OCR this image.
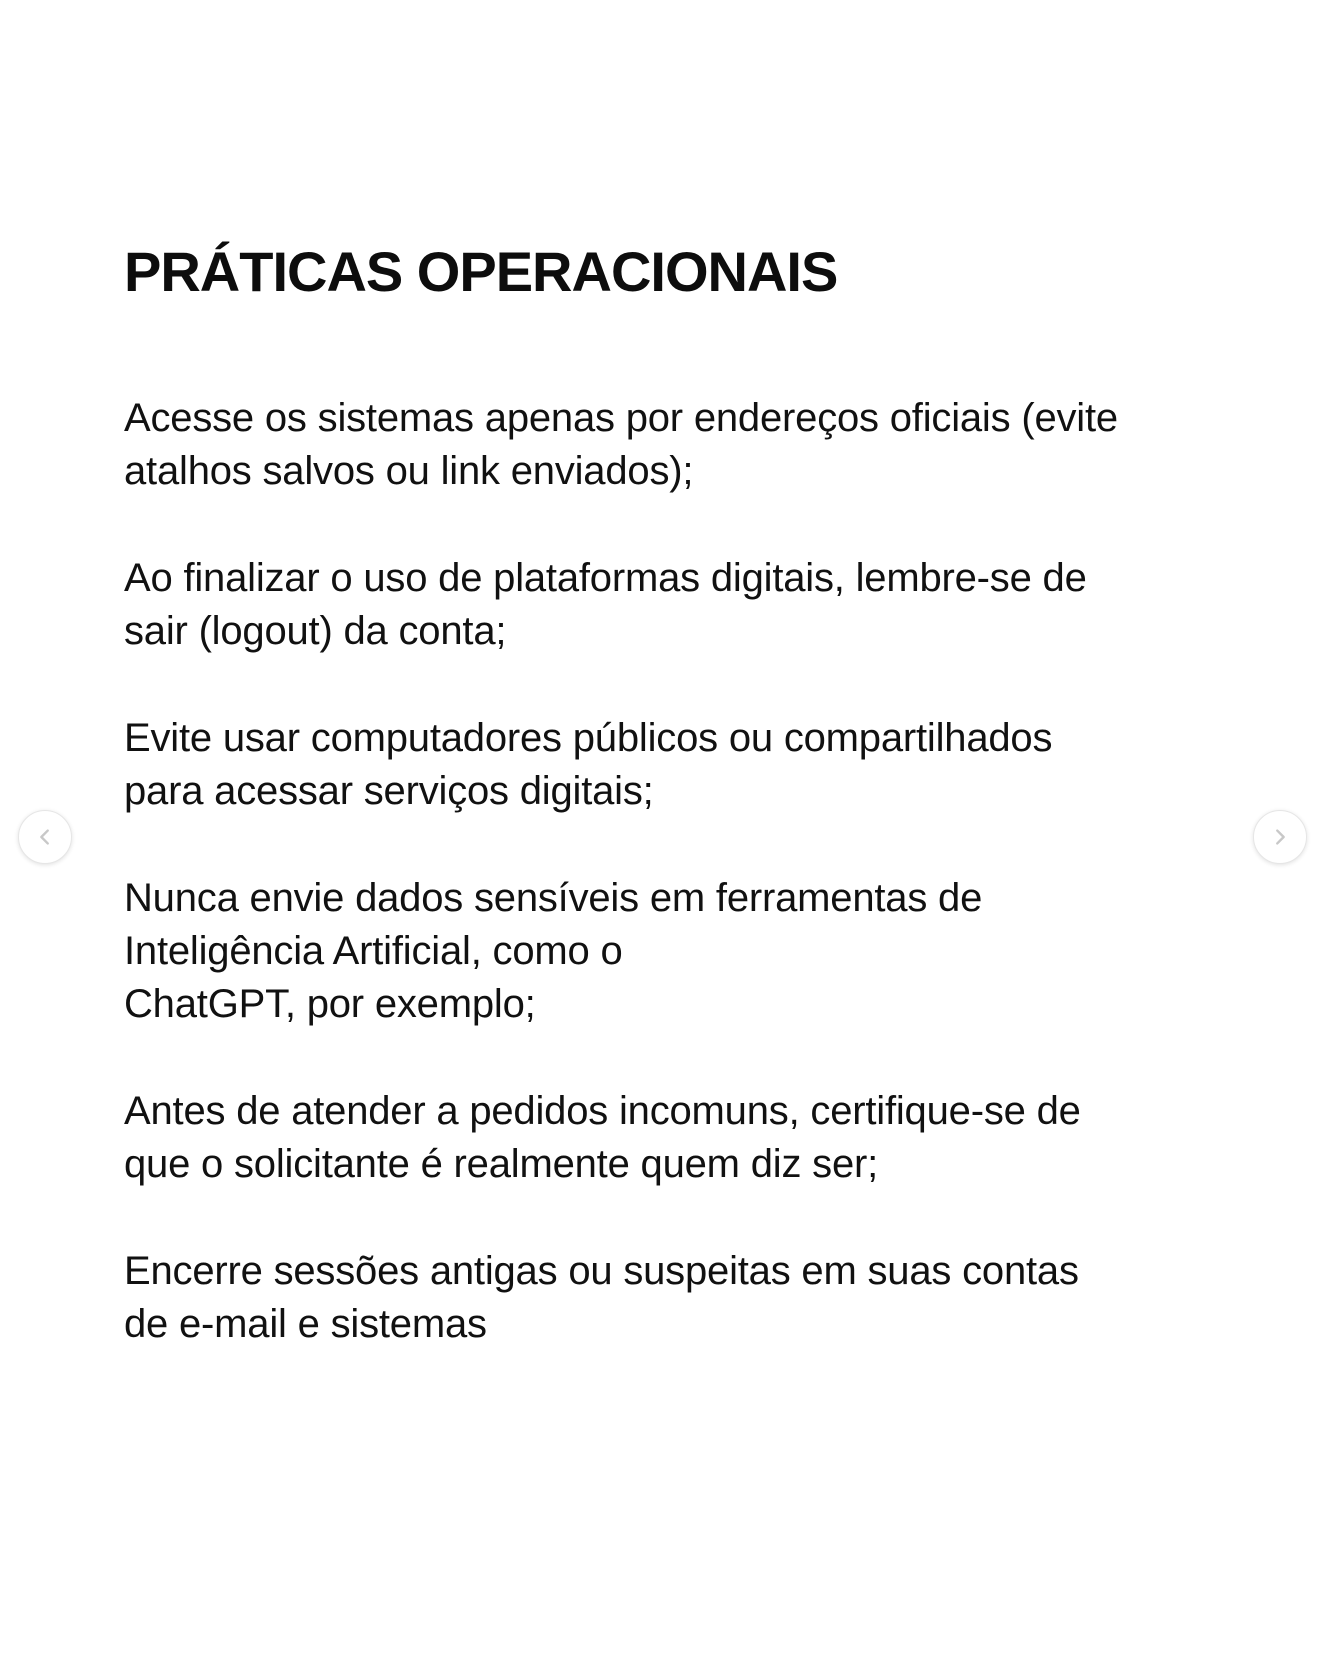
PRÁTICAS OPERACIONAIS
Acesse os sistemas apenas por endereços oficiais (evite
atalhos salvos ou link enviados);
Ao finalizar o uso de plataformas digitais, lembre-se de
sair (logout) da conta;
Evite usar computadores públicos ou compartilhados
para acessar serviços digitais;
Nunca envie dados sensíveis em ferramentas de
Inteligência Artificial, como o
ChatGPT, por exemplo;
Antes de atender a pedidos incomuns, certifique-se de
que o solicitante é realmente quem diz ser;
Encerre sessões antigas ou suspeitas em suas contas
de e-mail e sistemas
